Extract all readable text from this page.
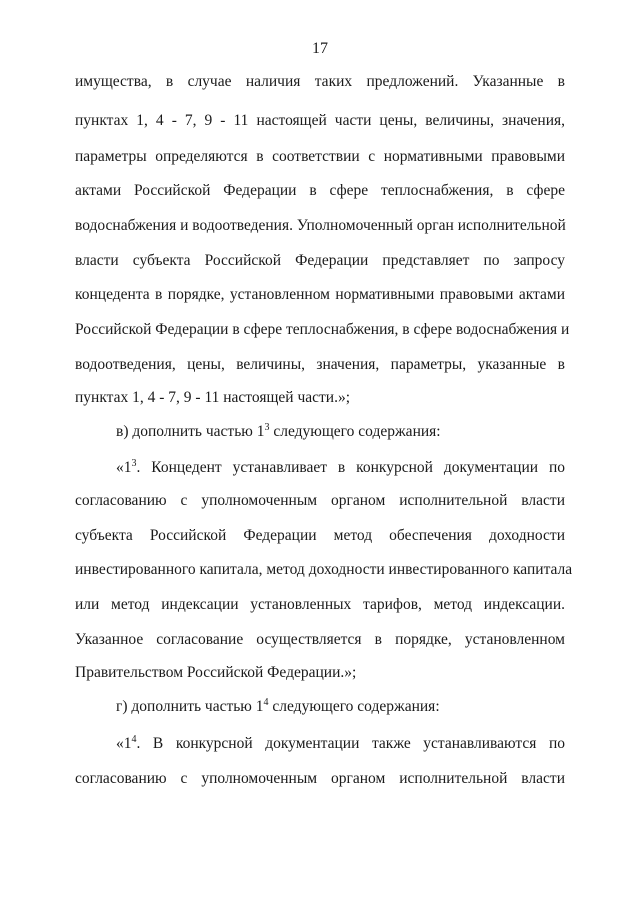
17
имущества, в случае наличия таких предложений. Указанные в
пунктах 1, 4 - 7, 9 - 11 настоящей части цены, величины, значения,
параметры определяются в соответствии с нормативными правовыми
актами Российской Федерации в сфере теплоснабжения, в сфере
водоснабжения и водоотведения. Уполномоченный орган исполнительной
власти субъекта Российской Федерации представляет по запросу
концедента в порядке, установленном нормативными правовыми актами
Российской Федерации в сфере теплоснабжения, в сфере водоснабжения и
водоотведения, цены, величины, значения, параметры, указанные в
пунктах 1, 4 - 7, 9 - 11 настоящей части.»;
в) дополнить частью $1^3$ следующего содержания:
«$1^3$. Концедент устанавливает в конкурсной документации по
согласованию с уполномоченным органом исполнительной власти
субъекта Российской Федерации метод обеспечения доходности
инвестированного капитала, метод доходности инвестированного капитала
или метод индексации установленных тарифов, метод индексации.
Указанное согласование осуществляется в порядке, установленном
Правительством Российской Федерации.»;
г) дополнить частью $1^4$ следующего содержания:
«$1^4$. В конкурсной документации также устанавливаются по
согласованию с уполномоченным органом исполнительной власти
